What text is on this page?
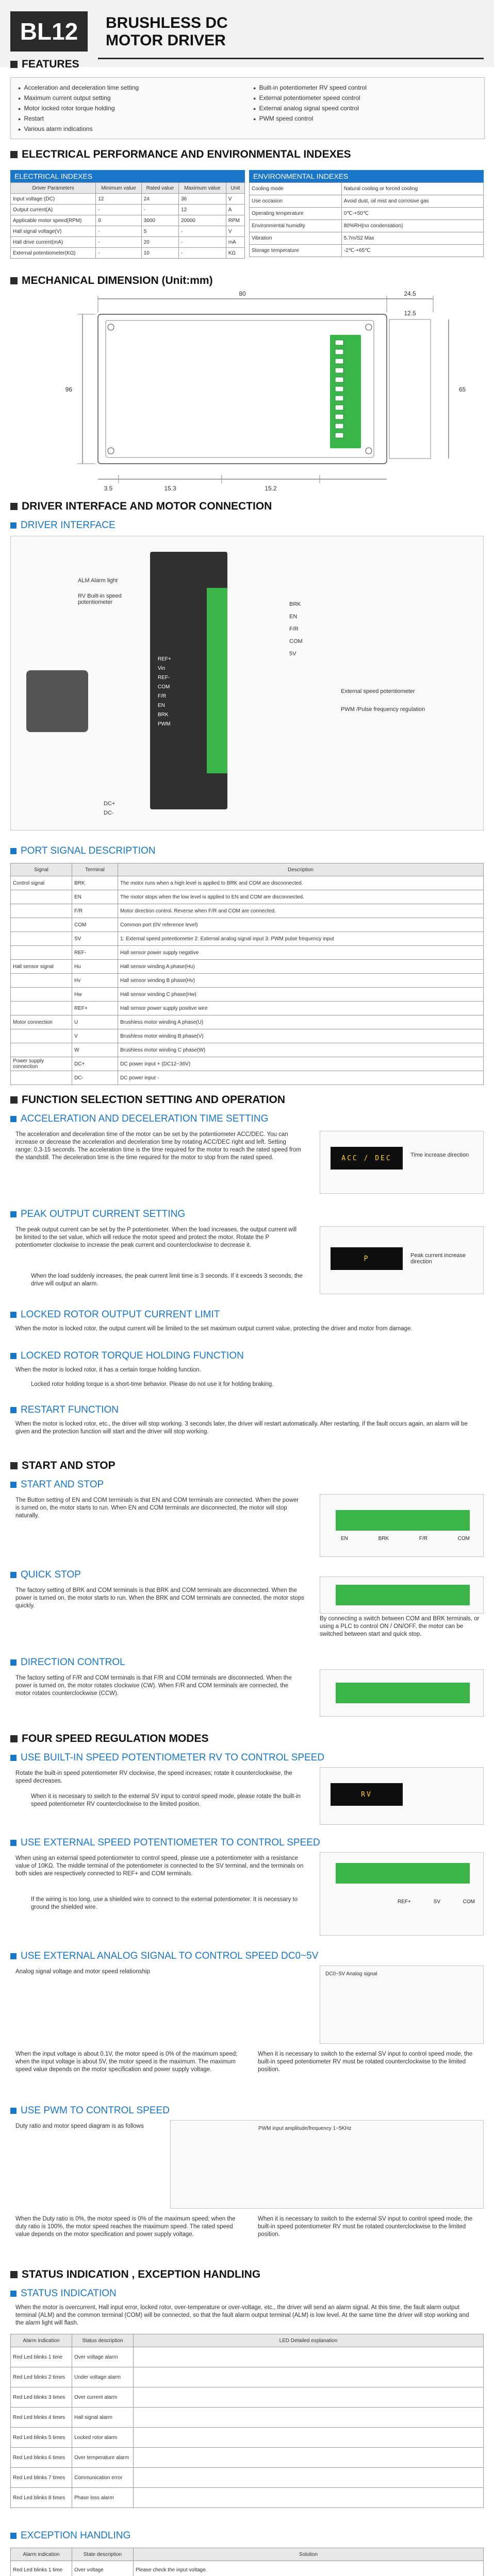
BL12	BRUSHLESS DC
MOTOR DRIVER
FEATURES
● Acceleration and deceleration time setting
● Maximum current output setting
● Motor locked rotor torque holding
● Restart
● Various alarm indications
● Built-in potentiometer RV speed control
● External potentiometer speed control
● External analog signal speed control
● PWM speed control
ELECTRICAL PERFORMANCE AND ENVIRONMENTAL INDEXES
ELECTRICAL INDEXES
Driver Parameters	Minimum value	Rated value	Maximum value	Unit
Input voltage (DC)	12	24	36	V
Output current(A)	-	-	12	A
Applicable motor speed(RPM)	0	3000	20000	RPM
Hall signal voltage(V)	-	5	-	V
Hall drive current(mA)	-	20	-	mA
External potentiometer(KΩ)	-	10	-	KΩ
ENVIRONMENTAL INDEXES
Cooling mode	Natural cooling or forced cooling
Use occasion	Avoid dust, oil mist and corrosive gas
Operating temperature	0℃-+50℃
Environmental humidity	80%RH(no condensation)
Vibration	5.7m/S2 Max
Storage temperature	-2℃-+65℃
MECHANICAL DIMENSION (Unit:mm)
80	24.5
12.5
65
96
3.5	15.3	15.2
DRIVER INTERFACE AND MOTOR CONNECTION
DRIVER INTERFACE
ALM Alarm light
RV Built-in speed potentiometer
REF+
Vin
REF-
COM
F/R
EN
BRK
PWM
BRK
EN
F/R
COM
5V
External speed potentiometer
PWM /Pulse frequency regulation
DC+
DC-
PORT SIGNAL DESCRIPTION
Signal	Terminal	Description
Control signal	BRK	The motor runs when a high level is applied to BRK and COM are disconnected.
	EN	The motor stops when the low level is applied to EN and COM are disconnected.
	F/R	Motor direction control. Reverse when F/R and COM are connected.
	COM	Common port (0V reference level)
	SV	1: External speed potentiometer 2: External analog signal input 3: PWM pulse frequency input
	REF-	Hall sensor power supply negative
Hall sensor signal	Hu	Hall sensor winding A phase(Hu)
	Hv	Hall sensor winding B phase(Hv)
	Hw	Hall sensor winding C phase(Hw)
	REF+	Hall sensor power supply positive wire
Motor connection	U	Brushless motor winding A phase(U)
	V	Brushless motor winding B phase(V)
	W	Brushless motor winding C phase(W)
Power supply connection	DC+	DC power input + (DC12~36V)
	DC-	DC power input -
FUNCTION SELECTION SETTING AND OPERATION
ACCELERATION AND DECELERATION TIME SETTING
The acceleration and deceleration time of the motor can be set by the potentiometer ACC/DEC. You can increase or decrease the acceleration and deceleration time by rotating ACC/DEC right and left. Setting range: 0.3-15 seconds. The acceleration time is the time required for the motor to reach the rated speed from the standstill. The deceleration time is the time required for the motor to stop from the rated speed.	ACC / DEC	Time increase direction
PEAK OUTPUT CURRENT SETTING
The peak output current can be set by the P potentiometer. When the load increases, the output current will be limited to the set value, which will reduce the motor speed and protect the motor. Rotate the P potentiometer clockwise to increase the peak current and counterclockwise to decrease it.
When the load suddenly increases, the peak current limit time is 3 seconds. If it exceeds 3 seconds, the drive will output an alarm.
P	Peak current increase direction
LOCKED ROTOR OUTPUT CURRENT LIMIT
When the motor is locked rotor, the output current will be limited to the set maximum output current value, protecting the driver and motor from damage.
LOCKED ROTOR TORQUE HOLDING FUNCTION
When the motor is locked rotor, it has a certain torque holding function.
Locked rotor holding torque is a short-time behavior. Please do not use it for holding braking.
RESTART FUNCTION
When the motor is locked rotor, etc., the driver will stop working. 3 seconds later, the driver will restart automatically. After restarting, if the fault occurs again, an alarm will be given and the protection function will start and the driver will stop working.
START AND STOP
START AND STOP
The Button setting of EN and COM terminals is that EN and COM terminals are connected. When the power is turned on, the motor starts to run. When EN and COM terminals are disconnected, the motor will stop naturally.
EN	BRK	F/R	COM
QUICK STOP
The factory setting of BRK and COM terminals is that BRK and COM terminals are disconnected. When the power is turned on, the motor starts to run. When the BRK and COM terminals are connected, the motor stops quickly.
By connecting a switch between COM and BRK terminals, or using a PLC to control ON / ON/OFF, the motor can be switched between start and quick stop.
DIRECTION CONTROL
The factory setting of F/R and COM terminals is that F/R and COM terminals are disconnected. When the power is turned on, the motor rotates clockwise (CW). When F/R and COM terminals are connected, the motor rotates counterclockwise (CCW).
FOUR SPEED REGULATION MODES
USE BUILT-IN SPEED POTENTIOMETER RV TO CONTROL SPEED
Rotate the built-in speed potentiometer RV clockwise, the speed increases; rotate it counterclockwise, the speed decreases.
When it is necessary to switch to the external SV input to control speed mode, please rotate the built-in speed potentiometer RV counterclockwise to the limited position.
RV
USE EXTERNAL SPEED POTENTIOMETER TO CONTROL SPEED
When using an external speed potentiometer to control speed, please use a potentiometer with a resistance value of 10KΩ. The middle terminal of the potentiometer is connected to the SV terminal, and the terminals on both sides are respectively connected to REF+ and COM terminals.
If the wiring is too long, use a shielded wire to connect to the external potentiometer. It is necessary to ground the shielded wire.
REF+	SV	COM
USE EXTERNAL ANALOG SIGNAL TO CONTROL SPEED DC0~5V
Analog signal voltage and motor speed relationship	DC0~5V Analog signal
When the input voltage is about 0.1V, the motor speed is 0% of the maximum speed; when the input voltage is about 5V, the motor speed is the maximum. The maximum speed value depends on the motor specification and power supply voltage.
When it is necessary to switch to the external SV input to control speed mode, the built-in speed potentiometer RV must be rotated counterclockwise to the limited position.
USE PWM TO CONTROL SPEED
Duty ratio and motor speed diagram is as follows	PWM input amplitude/frequency 1~5KHz
When the Duty ratio is 0%, the motor speed is 0% of the maximum speed; when the duty ratio is 100%, the motor speed reaches the maximum speed. The rated speed value depends on the motor specification and power supply voltage.
When it is necessary to switch to the external SV input to control speed mode, the built-in speed potentiometer RV must be rotated counterclockwise to the limited position.
STATUS INDICATION , EXCEPTION HANDLING
STATUS INDICATION
When the motor is overcurrent, Hall input error, locked rotor, over-temperature or over-voltage, etc., the driver will send an alarm signal. At this time, the fault alarm output terminal (ALM) and the common terminal (COM) will be connected, so that the fault alarm output terminal (ALM) is low level. At the same time the driver will stop working and the alarm light will flash.
Alarm indication	Status description	LED Detailed explanation
Red Led blinks 1 time	Over voltage alarm	
Red Led blinks 2 times	Under voltage alarm	
Red Led blinks 3 times	Over current alarm	
Red Led blinks 4 times	Hall signal alarm	
Red Led blinks 5 times	Locked rotor alarm	
Red Led blinks 6 times	Over temperature alarm	
Red Led blinks 7 times	Communication error	
Red Led blinks 8 times	Phase loss alarm	
EXCEPTION HANDLING
Alarm indication	State description	Solution
Red Led blinks 1 time	Over voltage	Please check the input voltage.
